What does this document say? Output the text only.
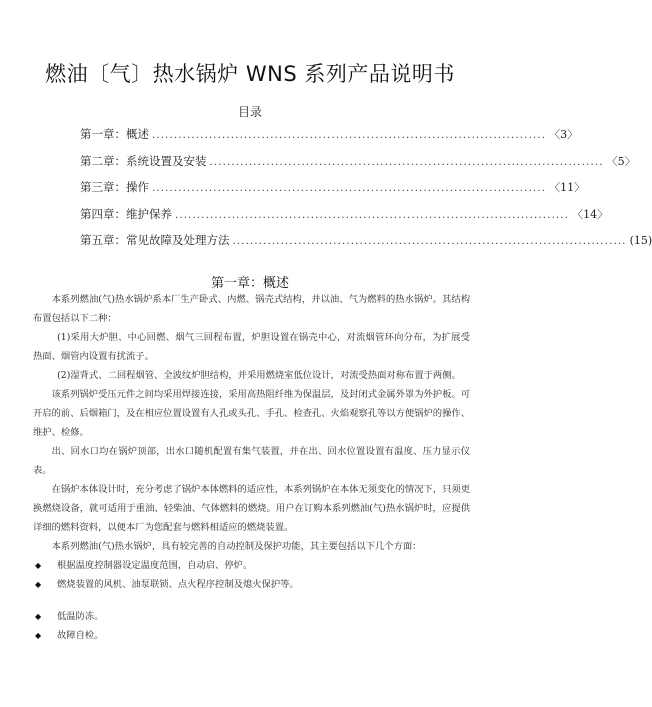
燃油〔气〕热水锅炉 WNS 系列产品说明书
目录
第一章：概述 .......................................................................................... 〈3〉
第二章：系统设置及安装 .......................................................................................... 〈5〉
第三章：操作 .......................................................................................... 〈11〉
第四章：维护保养 .......................................................................................... 〈14〉
第五章：常见故障及处理方法 .......................................................................................... (15)
第一章：概述

本系列燃油(气)热水锅炉系本厂生产卧式、内燃、锅壳式结构，并以油、气为燃料的热水锅炉。其结构布置包括以下二种：

(1)采用大炉胆、中心回燃、烟气三回程布置，炉胆设置在锅壳中心，对流烟管环向分布，为扩展受热面、烟管内设置有扰流子。

(2)湿背式、二回程烟管、全波纹炉胆结构，并采用燃烧室低位设计，对流受热面对称布置于两侧。

该系列锅炉受压元件之间均采用焊接连接，采用高热阻纤维为保温层，及封闭式金属外罩为外护板。可开启的前、后烟箱门，及在相应位置设置有人孔或头孔、手孔、检查孔、火焰观察孔等以方便锅炉的操作、维护、检修。

出、回水口均在锅炉顶部，出水口随机配置有集气装置，并在出、回水位置设置有温度、压力显示仪表。

在锅炉本体设计时，充分考虑了锅炉本体燃料的适应性，本系列锅炉在本体无须变化的情况下，只须更换燃烧设备，就可适用于重油、轻柴油、气体燃料的燃烧。用户在订购本系列燃油(气)热水锅炉时，应提供详细的燃料资料，以便本厂为您配套与燃料相适应的燃烧装置。

本系列燃油(气)热水锅炉，具有较完善的自动控制及保护功能，其主要包括以下几个方面：

◆ 根据温度控制器设定温度范围，自动启、停炉。
◆ 燃烧装置的风机、油泵联锁、点火程序控制及熄火保护等。
◆ 低温防冻。
◆ 故障自检。
